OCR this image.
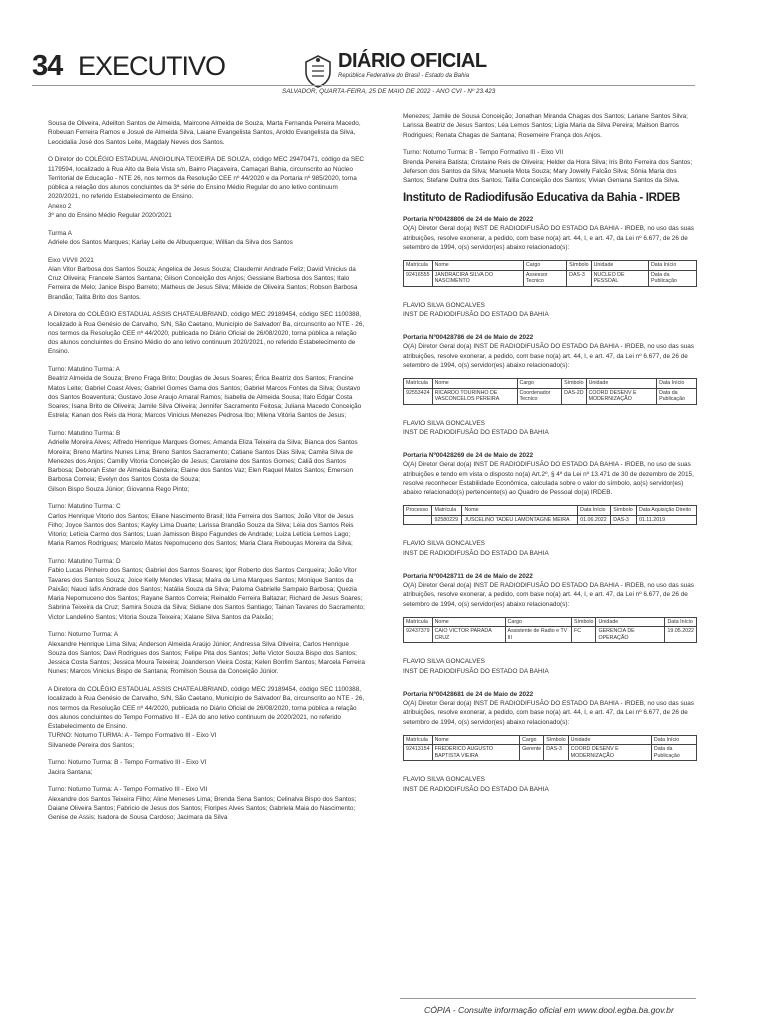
34 EXECUTIVO	DIÁRIO OFICIAL
República Federativa do Brasil - Estado da Bahia
SALVADOR, QUARTA-FEIRA, 25 DE MAIO DE 2022 - ANO CVI - Nº 23.423

Sousa de Oliveira, Adeilton Santos de Almeida, Maircone Almeida de Souza, Marta Fernanda Pereira Macedo, Robeuan Ferreira Ramos e Josué de Almeida Silva, Laiane Evangelista Santos, Aroldo Evangelista da Silva, Leocidalia José dos Santos Leite, Magdaly Neves dos Santos.

O Diretor do COLÉGIO ESTADUAL ANGIOLINA TEIXEIRA DE SOUZA, código MEC 29470471, código da SEC 1179594, localizado à Rua Alto da Bela Vista s/n, Bairro Piaçaveira, Camaçari Bahia, circunscrito ao Núcleo Territorial de Educação - NTE 26, nos termos da Resolução CEE nº 44/2020 e da Portaria nº 985/2020, torna pública a relação dos alunos concluintes da 3ª série do Ensino Médio Regular do ano letivo continuum 2020/2021, no referido Estabelecimento de Ensino.
Anexo 2
3º ano do Ensino Médio Regular 2020/2021

Turma A
Adriele dos Santos Marques; Karlay Leite de Albuquerque; Willian da Silva dos Santos

Eixo VI/VII 2021
Alan Vitor Barbosa dos Santos Souza; Angelica de Jesus Souza; Claudemir Andrade Feliz; David Vinicius da Cruz Oliveira; Francele Santos Santana; Gilson Conceição dos Anjos; Gessiane Barbosa dos Santos; Italo Ferreira de Melo; Janice Bispo Barreto; Matheus de Jesus Silva; Mileide de Oliveira Santos; Robson Barbosa Brandão; Talita Brito dos Santos.

A Diretora do COLÉGIO ESTADUAL ASSIS CHATEAUBRIAND, código MEC 29189454, código SEC 1100388, localizado à Rua Genésio de Carvalho, S/N, São Caetano, Município de Salvador/ Ba, circunscrito ao NTE - 26, nos termos da Resolução CEE nº 44/2020, publicada no Diário Oficial de 26/08/2020, torna pública a relação dos alunos concluintes do Ensino Médio do ano letivo continuum 2020/2021, no referido Estabelecimento de Ensino.

Turno: Matutino Turma: A
Beatriz Almeida de Souza; Breno Fraga Brito; Douglas de Jesus Soares; Érica Beatriz dos Santos; Francine Matos Leite; Gabriel Coast Alves; Gabriel Gomes Gama dos Santos; Gabriel Marcos Fontes da Silva; Gustavo dos Santos Boaventura; Gustavo Jose Araujo Amaral Ramos; Isabella de Almeida Sousa; Italo Edgar Costa Soares; Isana Brito de Oliveira; Jamile Silva Oliveira; Jennifer Sacramento Feitosa; Juliana Macedo Conceição Estrela; Kanan dos Reis da Hora; Marcos Vinicius Menezes Pedrosa Ibo; Milena Vitória Santos de Jesus;

Turno: Matutino Turma: B
Adrielle Moreira Alves; Alfredo Henrique Marques Gomes; Amanda Eliza Teixeira da Silva; Bianca dos Santos Moreira; Breno Martins Nunes Lima; Breno Santos Sacramento; Catiane Santos Dias Silva; Camila Silva de Menezes dos Anjos; Camilly Vitoria Conceição de Jesus; Carolaine dos Santos Gomes; Caliã dos Santos Barbosa; Deborah Ester de Almeida Bandeira; Elaine dos Santos Vaz; Elen Raquel Matos Santos; Emerson Barbosa Correia; Evelyn dos Santos Costa de Souza;
Gilson Bispo Souza Júnior; Giovanna Rego Pinto;

Turno: Matutino Turma: C
Carlos Henrique Vitorio dos Santos; Eliane Nascimento Brasil; Ilda Ferreira dos Santos; João Vitor de Jesus Filho; Joyce Santos dos Santos; Kayky Lima Duarte; Larissa Brandão Souza da Silva; Léia dos Santos Reis Vitorio; Letícia Carmo dos Santos; Luan Jamisson Bispo Fagundes de Andrade; Luiza Letícia Lemos Lago; Maria Ramos Rodrigues; Marcelo Matos Nepomuceno dos Santos; Maria Clara Rebouças Moreira da Silva;

Turno: Matutino Turma: D
Fabio Lucas Pinheiro dos Santos; Gabriel dos Santos Soares; Igor Roberto dos Santos Cerqueira; João Vitor Tavares dos Santos Souza; Joice Kelly Mendes Vilasa; Maíra de Lima Marques Santos; Monique Santos da Paixão; Nauci Iafis Andrade dos Santos; Natália Souza da Silva; Paloma Gabrielle Sampaio Barbosa; Quezia Maria Nepomuceno dos Santos; Rayane Santos Correia; Reinaldo Ferreira Baltazar; Richard de Jesus Soares; Sabrina Teixeira da Cruz; Samira Souza da Silva; Sidiane dos Santos Santiago; Tainan Tavares do Sacramento; Victor Landelino Santos; Vitoria Souza Teixeira; Xalane Silva Santos da Paixão;

Turno: Noturno Turma: A
Alexandre Henrique Lima Silva; Anderson Almeida Araújo Júnior; Andressa Silva Oliveira; Carlos Henrique Souza dos Santos; Davi Rodrigues dos Santos; Felipe Pita dos Santos; Jefte Victor Souza Bispo dos Santos; Jessica Costa Santos; Jessica Moura Teixeira; Joanderson Vieira Costa; Kelen Bonfim Santos; Marcela Ferreira Nunes; Marcos Vinicius Bispo de Santana; Romilson Sousa da Conceição Júnior.

A Diretora do COLÉGIO ESTADUAL ASSIS CHATEAUBRIAND, código MEC 29189454, código SEC 1100388, localizado à Rua Genésio de Carvalho, S/N, São Caetano, Município de Salvador/ Ba, circunscrito ao NTE - 26, nos termos da Resolução CEE nº 44/2020, publicada no Diário Oficial de 26/08/2020, torna pública a relação dos alunos concluintes do Tempo Formativo III - EJA do ano letivo continuum de 2020/2021, no referido Estabelecimento de Ensino.
TURNO: Noturno TURMA: A - Tempo Formativo III - Eixo VI
Silvanede Pereira dos Santos;

Turno: Noturno Turma: B - Tempo Formativo III - Eixo VI
Jacira Santana;

Turno: Noturno Turma: A - Tempo Formativo III - Eixo VII
Alexandre dos Santos Teixeira Filho; Aline Meneses Lima; Brenda Sena Santos; Celinalva Bispo dos Santos; Daiane Oliveira Santos; Fabricio de Jesus dos Santos; Floripes Alves Santos; Gabriela Maia do Nascimento; Genise de Assis; Isadora de Sousa Cardoso; Jacimara da Silva

Menezes; Jamile de Sousa Conceição; Jonathan Miranda Chagas dos Santos; Lariane Santos Silva; Larissa Beatriz de Jesus Santos; Léa Lemos Santos; Ligia Maria da Silva Pereira; Mailson Barros Rodrigues; Renata Chagas de Santana; Rosemeire França dos Anjos.

Turno: Noturno Turma: B - Tempo Formativo III - Eixo VII
Brenda Pereira Batista; Cristaine Reis de Oliveira; Helder da Hora Silva; Iris Brito Ferreira dos Santos; Jeferson dos Santos da Silva; Manuela Mota Souza; Mary Jowelly Falcão Silva; Sônia Maria dos Santos; Stefane Dultra dos Santos; Tailla Conceição dos Santos; Vivian Geniana Santos da Silva.

Instituto de Radiodifusão Educativa da Bahia - IRDEB
Portaria Nº00428806 de 24 de Maio de 2022
O(A) Diretor Geral do(a) INST DE RADIODIFUSÃO DO ESTADO DA BAHIA - IRDEB, no uso das suas atribuições, resolve exonerar, a pedido, com base no(a) art. 44, I, e art. 47, da Lei nº 6.677, de 26 de setembro de 1994, o(s) servidor(es) abaixo relacionado(s):
Matrícula	Nome	Cargo	Símbolo	Unidade	Data Início
92416555	JANDRACIRA SILVA DO NASCIMENTO	Assessor Tecnico	DAS-3	NUCLEO DE PESSOAL	Data da Publicação
FLAVIO SILVA GONCALVES
INST DE RADIODIFUSÃO DO ESTADO DA BAHIA
Portaria Nº00428786 de 24 de Maio de 2022
O(A) Diretor Geral do(a) INST DE RADIODIFUSÃO DO ESTADO DA BAHIA - IRDEB, no uso das suas atribuições, resolve exonerar, a pedido, com base no(a) art. 44, I, e art. 47, da Lei nº 6.677, de 26 de setembro de 1994, o(s) servidor(es) abaixo relacionado(s):
Matrícula	Nome	Cargo	Símbolo	Unidade	Data Início
92553424	RICARDO TOURINHO DE VASCONCELOS PEREIRA	Coordenador Tecnico	DAS-2D	COORD DESENV E MODERNIZAÇÃO	Data da Publicação
FLAVIO SILVA GONCALVES
INST DE RADIODIFUSÃO DO ESTADO DA BAHIA
Portaria Nº00428269 de 24 de Maio de 2022
O(A) Diretor Geral do(a) INST DE RADIODIFUSÃO DO ESTADO DA BAHIA - IRDEB, no uso de suas atribuições e tendo em vista o disposto no(a) Art.2º, § 4º da Lei nº 13.471 de 30 de dezembro de 2015, resolve reconhecer Estabilidade Econômica, calculada sobre o valor do símbolo, ao(s) servidor(es) abaixo relacionado(s) pertencente(s) ao Quadro de Pessoal do(a) IRDEB.
Processo	Matrícula	Nome	Data Início	Símbolo	Data Aquisição Direito
	92580229	JUSCELINO TADEU LAMONTAGNE MEIRA	01.06.2022	DAS-3	01.11.2019
FLAVIO SILVA GONCALVES
INST DE RADIODIFUSÃO DO ESTADO DA BAHIA
Portaria Nº00428711 de 24 de Maio de 2022
O(A) Diretor Geral do(a) INST DE RADIODIFUSÃO DO ESTADO DA BAHIA - IRDEB, no uso das suas atribuições, resolve exonerar, a pedido, com base no(a) art. 44, I, e art. 47, da Lei nº 6.677, de 26 de setembro de 1994, o(s) servidor(es) abaixo relacionado(s):
Matrícula	Nome	Cargo	Símbolo	Unidade	Data Início
92437379	CAIO VICTOR PARADA CRUZ	Assistente de Radio e TV III	FC	GERENCIA DE OPERAÇÃO	19.05.2022
FLAVIO SILVA GONCALVES
INST DE RADIODIFUSÃO DO ESTADO DA BAHIA
Portaria Nº00428681 de 24 de Maio de 2022
O(A) Diretor Geral do(a) INST DE RADIODIFUSÃO DO ESTADO DA BAHIA - IRDEB, no uso das suas atribuições, resolve exonerar, a pedido, com base no(a) art. 44, I, e art. 47, da Lei nº 6.677, de 26 de setembro de 1994, o(s) servidor(es) abaixo relacionado(s):
Matrícula	Nome	Cargo	Símbolo	Unidade	Data Início
92413154	FREDERICO AUGUSTO BAPTISTA VIEIRA	Gerente	DAS-3	COORD DESENV E MODERNIZAÇÃO	Data da Publicação
FLAVIO SILVA GONCALVES
INST DE RADIODIFUSÃO DO ESTADO DA BAHIA
CÓPIA - Consulte informação oficial em www.dool.egba.ba.gov.br
